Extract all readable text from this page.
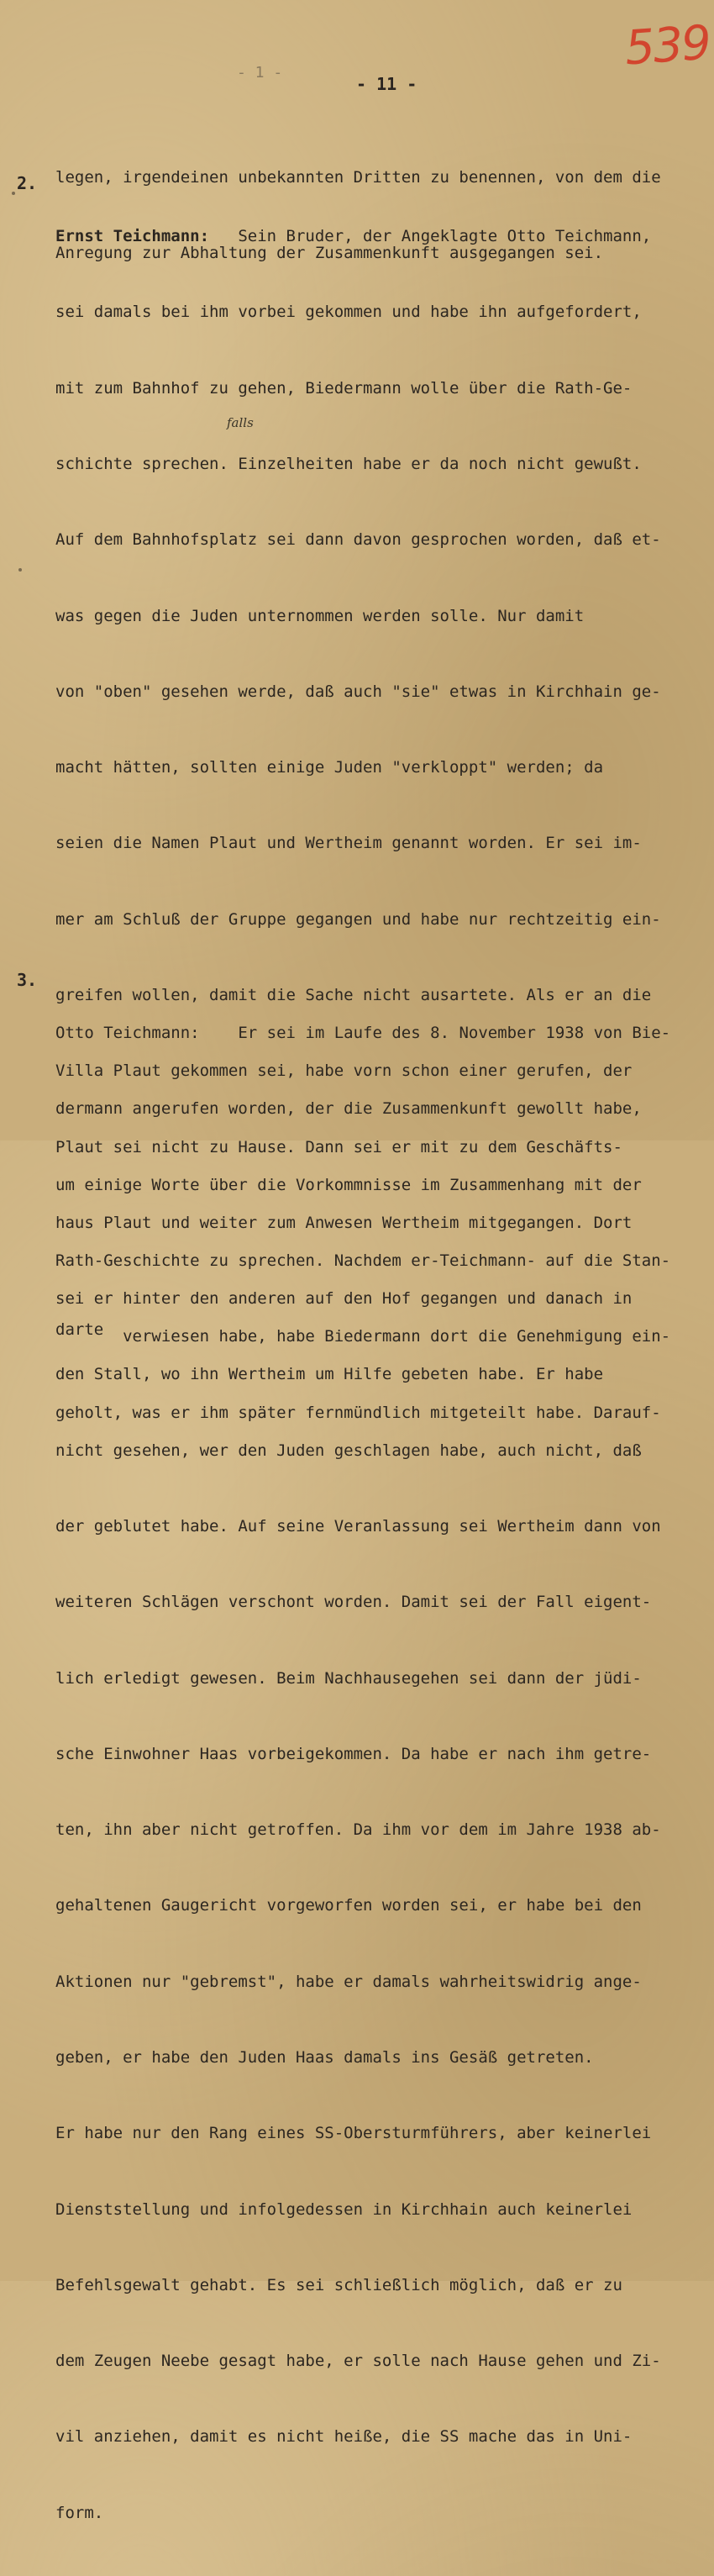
539
- 1 -
- 11 -

legen, irgendeinen unbekannten Dritten zu benennen, von dem die

Anregung zur Abhaltung der Zusammenkunft ausgegangen sei.

2.

Ernst Teichmann:   Sein Bruder, der Angeklagte Otto Teichmann,

sei damals bei ihm vorbei gekommen und habe ihn aufgefordert,

mit zum Bahnhof zu gehen, Biedermann wolle über die Rath-Ge-

schichte sprechen. Einzelheiten habe er da noch nicht gewußt.

Auf dem Bahnhofsplatz sei dann davon gesprochen worden, daß et-

was gegen die Juden unternommen werden solle. Nur damit

von "oben" gesehen werde, daß auch "sie" etwas in Kirchhain ge-

macht hätten, sollten einige Juden "verkloppt" werden; da

seien die Namen Plaut und Wertheim genannt worden. Er sei im-

mer am Schluß der Gruppe gegangen und habe nur rechtzeitig ein-

greifen wollen, damit die Sache nicht ausartete. Als er an die

Villa Plaut gekommen sei, habe vorn schon einer gerufen, der

Plaut sei nicht zu Hause. Dann sei er mit zu dem Geschäfts-

haus Plaut und weiter zum Anwesen Wertheim mitgegangen. Dort

sei er hinter den anderen auf den Hof gegangen und danach in

den Stall, wo ihn Wertheim um Hilfe gebeten habe. Er habe

nicht gesehen, wer den Juden geschlagen habe, auch nicht, daß

der geblutet habe. Auf seine Veranlassung sei Wertheim dann von

weiteren Schlägen verschont worden. Damit sei der Fall eigent-

lich erledigt gewesen. Beim Nachhausegehen sei dann der jüdi-

sche Einwohner Haas vorbeigekommen. Da habe er nach ihm getre-

ten, ihn aber nicht getroffen. Da ihm vor dem im Jahre 1938 ab-

gehaltenen Gaugericht vorgeworfen worden sei, er habe bei den

Aktionen nur "gebremst", habe er damals wahrheitswidrig ange-

geben, er habe den Juden Haas damals ins Gesäß getreten.

Er habe nur den Rang eines SS-Obersturmführers, aber keinerlei

Dienststellung und infolgedessen in Kirchhain auch keinerlei

Befehlsgewalt gehabt. Es sei schließlich möglich, daß er zu

dem Zeugen Neebe gesagt habe, er solle nach Hause gehen und Zi-

vil anziehen, damit es nicht heiße, die SS mache das in Uni-

form.

falls
3.

Otto Teichmann:    Er sei im Laufe des 8. November 1938 von Bie-

dermann angerufen worden, der die Zusammenkunft gewollt habe,

um einige Worte über die Vorkommnisse im Zusammenhang mit der

Rath-Geschichte zu sprechen. Nachdem er-Teichmann- auf die Stan-

darte  verwiesen habe, habe Biedermann dort die Genehmigung ein-

geholt, was er ihm später fernmündlich mitgeteilt habe. Darauf-
